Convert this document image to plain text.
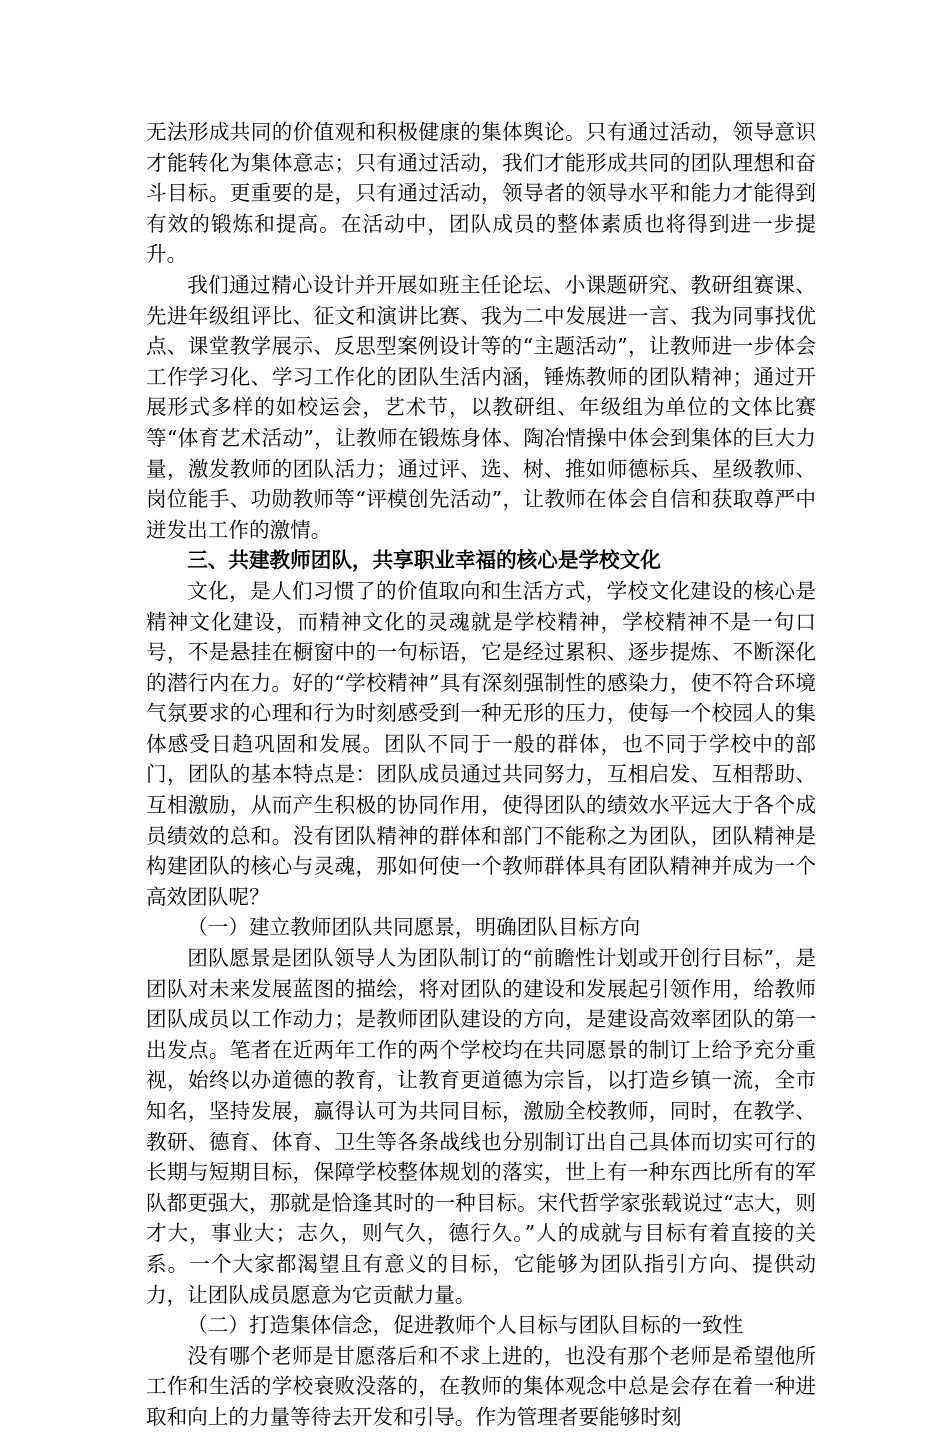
无法形成共同的价值观和积极健康的集体舆论。只有通过活动，领导意识才能转化为集体意志；只有通过活动，我们才能形成共同的团队理想和奋斗目标。更重要的是，只有通过活动，领导者的领导水平和能力才能得到有效的锻炼和提高。在活动中，团队成员的整体素质也将得到进一步提升。

我们通过精心设计并开展如班主任论坛、小课题研究、教研组赛课、先进年级组评比、征文和演讲比赛、我为二中发展进一言、我为同事找优点、课堂教学展示、反思型案例设计等的“主题活动”，让教师进一步体会工作学习化、学习工作化的团队生活内涵，锤炼教师的团队精神；通过开展形式多样的如校运会，艺术节，以教研组、年级组为单位的文体比赛等“体育艺术活动”，让教师在锻炼身体、陶冶情操中体会到集体的巨大力量，激发教师的团队活力；通过评、选、树、推如师德标兵、星级教师、岗位能手、功勋教师等“评模创先活动”，让教师在体会自信和获取尊严中迸发出工作的激情。

三、共建教师团队，共享职业幸福的核心是学校文化

文化，是人们习惯了的价值取向和生活方式，学校文化建设的核心是精神文化建设，而精神文化的灵魂就是学校精神，学校精神不是一句口号，不是悬挂在橱窗中的一句标语，它是经过累积、逐步提炼、不断深化的潜行内在力。好的“学校精神”具有深刻强制性的感染力，使不符合环境气氛要求的心理和行为时刻感受到一种无形的压力，使每一个校园人的集体感受日趋巩固和发展。团队不同于一般的群体，也不同于学校中的部门，团队的基本特点是：团队成员通过共同努力，互相启发、互相帮助、互相激励，从而产生积极的协同作用，使得团队的绩效水平远大于各个成员绩效的总和。没有团队精神的群体和部门不能称之为团队，团队精神是构建团队的核心与灵魂，那如何使一个教师群体具有团队精神并成为一个高效团队呢？

（一）建立教师团队共同愿景，明确团队目标方向

团队愿景是团队领导人为团队制订的“前瞻性计划或开创行目标”，是团队对未来发展蓝图的描绘，将对团队的建设和发展起引领作用，给教师团队成员以工作动力；是教师团队建设的方向，是建设高效率团队的第一出发点。笔者在近两年工作的两个学校均在共同愿景的制订上给予充分重视，始终以办道德的教育，让教育更道德为宗旨，以打造乡镇一流，全市知名，坚持发展，赢得认可为共同目标，激励全校教师，同时，在教学、教研、德育、体育、卫生等各条战线也分别制订出自己具体而切实可行的长期与短期目标，保障学校整体规划的落实，世上有一种东西比所有的军队都更强大，那就是恰逢其时的一种目标。宋代哲学家张载说过“志大，则才大，事业大；志久，则气久，德行久。”人的成就与目标有着直接的关系。一个大家都渴望且有意义的目标，它能够为团队指引方向、提供动力，让团队成员愿意为它贡献力量。

（二）打造集体信念，促进教师个人目标与团队目标的一致性

没有哪个老师是甘愿落后和不求上进的，也没有那个老师是希望他所工作和生活的学校衰败没落的，在教师的集体观念中总是会存在着一种进取和向上的力量等待去开发和引导。作为管理者要能够时刻
